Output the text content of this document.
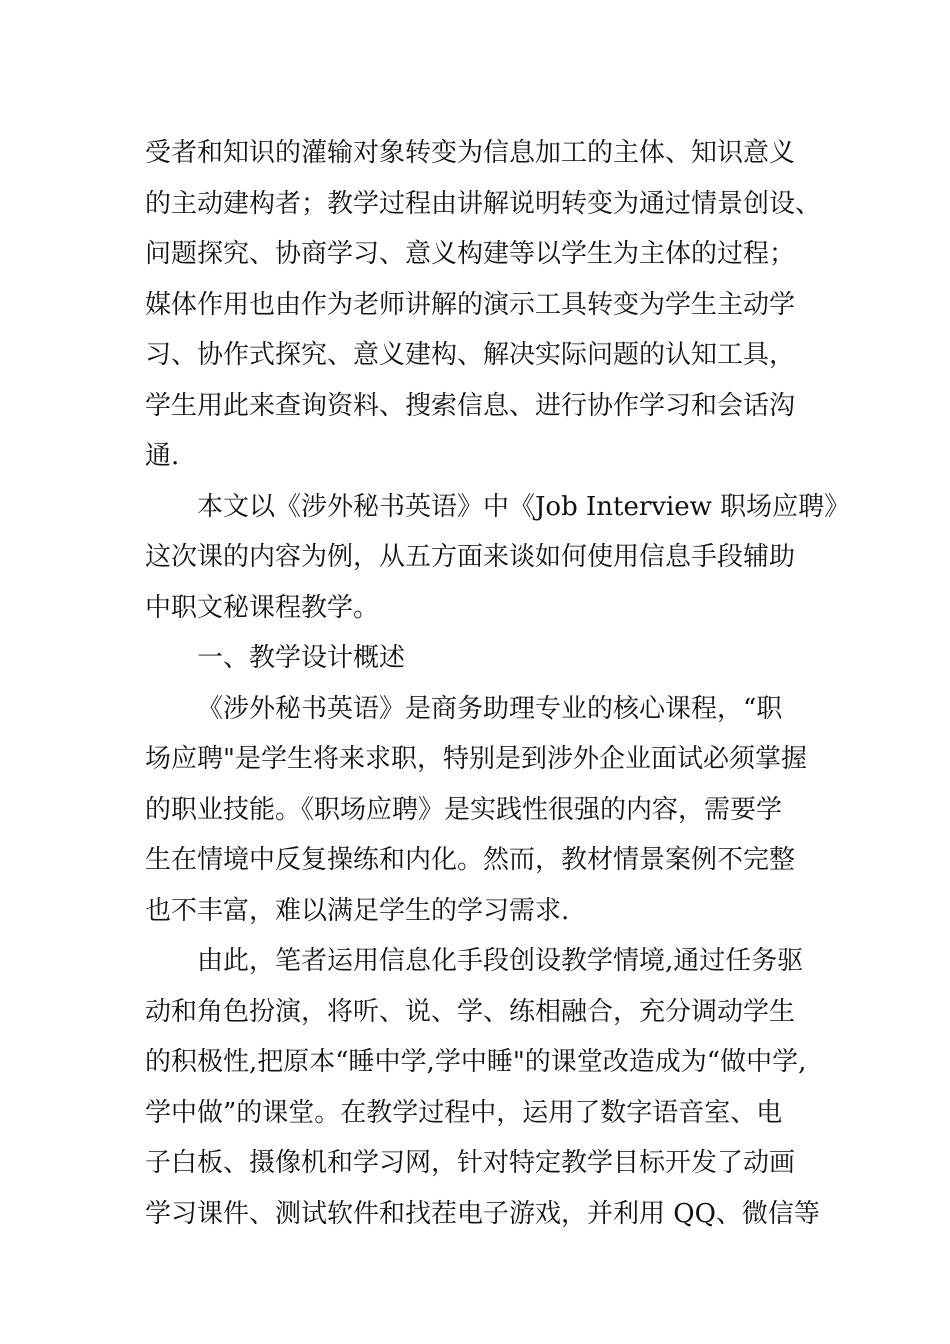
受者和知识的灌输对象转变为信息加工的主体、知识意义
的主动建构者；教学过程由讲解说明转变为通过情景创设、
问题探究、协商学习、意义构建等以学生为主体的过程；
媒体作用也由作为老师讲解的演示工具转变为学生主动学
习、协作式探究、意义建构、解决实际问题的认知工具，
学生用此来查询资料、搜索信息、进行协作学习和会话沟
通.
本文以《涉外秘书英语》中《Job Interview 职场应聘》
这次课的内容为例，从五方面来谈如何使用信息手段辅助
中职文秘课程教学。
一、教学设计概述
《涉外秘书英语》是商务助理专业的核心课程，“职
场应聘"是学生将来求职，特别是到涉外企业面试必须掌握
的职业技能。《职场应聘》是实践性很强的内容，需要学
生在情境中反复操练和内化。然而，教材情景案例不完整
也不丰富，难以满足学生的学习需求.
由此，笔者运用信息化手段创设教学情境,通过任务驱
动和角色扮演，将听、说、学、练相融合，充分调动学生
的积极性,把原本“睡中学,学中睡"的课堂改造成为“做中学,
学中做”的课堂。在教学过程中，运用了数字语音室、电
子白板、摄像机和学习网，针对特定教学目标开发了动画
学习课件、测试软件和找茬电子游戏，并利用 QQ、微信等
